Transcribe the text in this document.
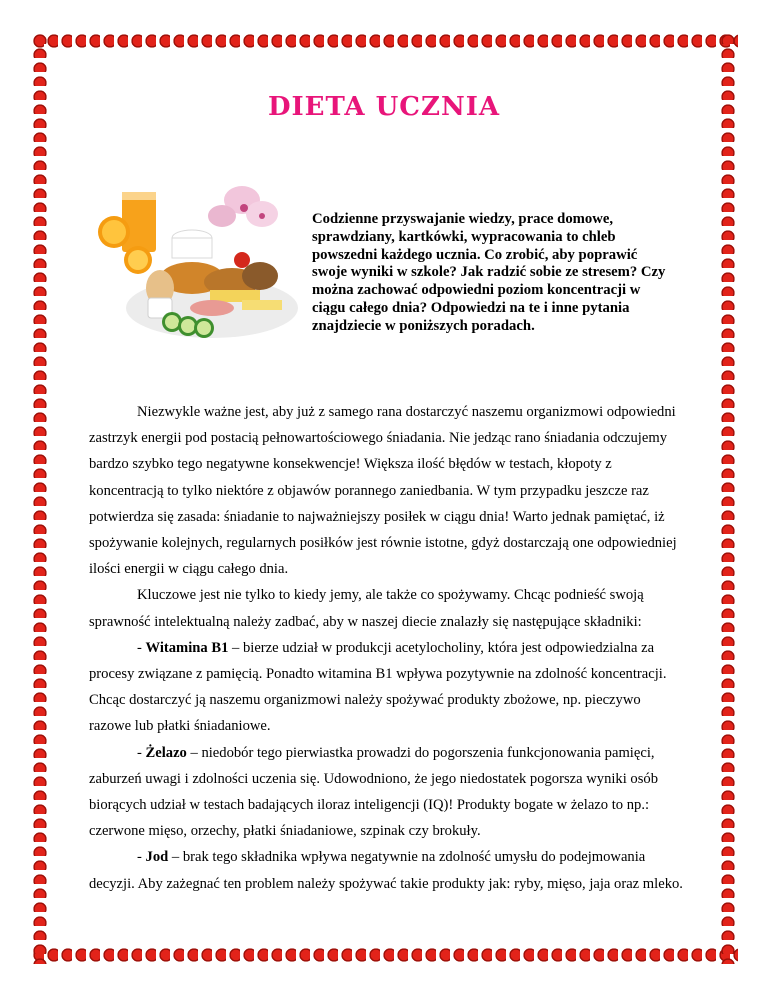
DIETA UCZNIA
Codzienne przyswajanie wiedzy, prace domowe, sprawdziany, kartkówki, wypracowania to chleb powszedni każdego ucznia. Co zrobić, aby poprawić swoje wyniki w szkole? Jak radzić sobie ze stresem? Czy można zachować odpowiedni poziom koncentracji w ciągu całego dnia? Odpowiedzi na te i inne pytania znajdziecie w poniższych poradach.

Niezwykle ważne jest, aby już z samego rana dostarczyć naszemu organizmowi odpowiedni zastrzyk energii pod postacią pełnowartościowego śniadania. Nie jedząc rano śniadania odczujemy bardzo szybko tego negatywne konsekwencje! Większa ilość błędów w testach, kłopoty z koncentracją to tylko niektóre z objawów porannego zaniedbania. W tym przypadku jeszcze raz potwierdza się zasada: śniadanie to najważniejszy posiłek w ciągu dnia! Warto jednak pamiętać, iż spożywanie kolejnych, regularnych posiłków jest równie istotne, gdyż dostarczają one odpowiedniej ilości energii w ciągu całego dnia.

Kluczowe jest nie tylko to kiedy jemy, ale także co spożywamy. Chcąc podnieść swoją sprawność intelektualną należy zadbać, aby w naszej diecie znalazły się następujące składniki:

- Witamina B1 – bierze udział w produkcji acetylocholiny, która jest odpowiedzialna za procesy związane z pamięcią. Ponadto witamina B1 wpływa pozytywnie na zdolność koncentracji. Chcąc dostarczyć ją naszemu organizmowi należy spożywać produkty zbożowe, np. pieczywo razowe lub płatki śniadaniowe.

- Żelazo – niedobór tego pierwiastka prowadzi do pogorszenia funkcjonowania pamięci, zaburzeń uwagi i zdolności uczenia się. Udowodniono, że jego niedostatek pogorsza wyniki osób biorących udział w testach badających iloraz inteligencji (IQ)! Produkty bogate w żelazo to np.: czerwone mięso, orzechy, płatki śniadaniowe, szpinak czy brokuły.

- Jod – brak tego składnika wpływa negatywnie na zdolność umysłu do podejmowania decyzji. Aby zażegnać ten problem należy spożywać takie produkty jak: ryby, mięso, jaja oraz mleko.
